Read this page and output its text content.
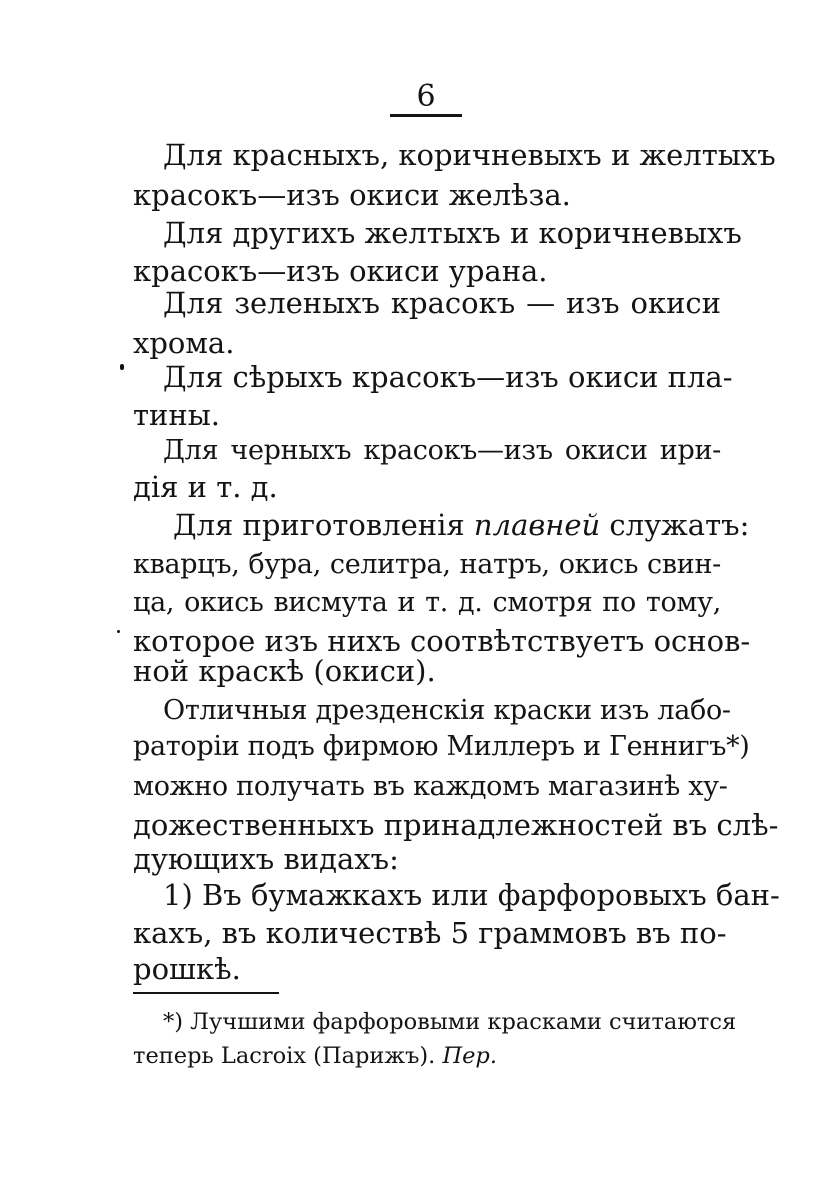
6
Для красныхъ, коричневыхъ и желтыхъ
красокъ—изъ окиси желѣза.
Для другихъ желтыхъ и коричневыхъ
красокъ—изъ окиси урана.
Для зеленыхъ красокъ — изъ окиси
хрома.
Для сѣрыхъ красокъ—изъ окиси пла-
тины.
Для черныхъ красокъ—изъ окиси ири-
дія и т. д.
Для приготовленія плавней служатъ:
кварцъ, бура, селитра, натръ, окись свин-
ца, окись висмута и т. д. смотря по тому,
которое изъ нихъ соотвѣтствуетъ основ-
ной краскѣ (окиси).
Отличныя дрезденскія краски изъ лабо-
раторіи подъ фирмою Миллеръ и Геннигъ*)
можно получать въ каждомъ магазинѣ ху-
дожественныхъ принадлежностей въ слѣ-
дующихъ видахъ:
1) Въ бумажкахъ или фарфоровыхъ бан-
кахъ, въ количествѣ 5 граммовъ въ по-
рошкѣ.
*) Лучшими фарфоровыми красками считаются
теперь Lacroix (Парижъ). Пер.
